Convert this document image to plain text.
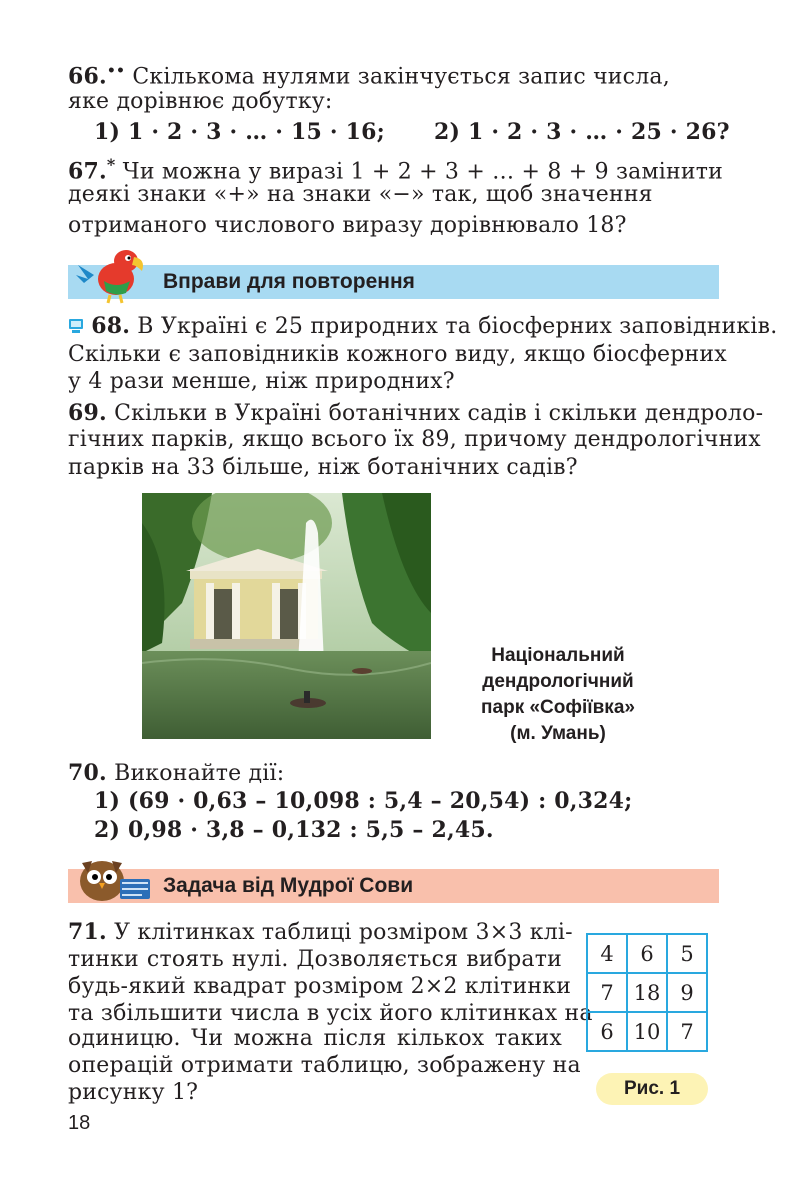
66.•• Скількома нулями закінчується запис числа,
яке дорівнює добутку:
1) 1 · 2 · 3 · … · 15 · 16; 2) 1 · 2 · 3 · … · 25 · 26?
67.* Чи можна у виразі 1 + 2 + 3 + … + 8 + 9 замінити
деякі знаки «+» на знаки «−» так, щоб значення
отриманого числового виразу дорівнювало 18?
Вправи для повторення
68. В Україні є 25 природних та біосферних заповідників.
Скільки є заповідників кожного виду, якщо біосферних
у 4 рази менше, ніж природних?
69. Скільки в Україні ботанічних садів і скільки дендроло-
гічних парків, якщо всього їх 89, причому дендрологічних
парків на 33 більше, ніж ботанічних садів?
Національний
дендрологічний
парк «Софіївка»
(м. Умань)
70. Виконайте дії:
1) (69 · 0,63 – 10,098 : 5,4 – 20,54) : 0,324;
2) 0,98 · 3,8 – 0,132 : 5,5 – 2,45.
Задача від Мудрої Сови
71. У клітинках таблиці розміром 3×3 клі-
тинки стоять нулі. Дозволяється вибрати
будь-який квадрат розміром 2×2 клітинки
та збільшити числа в усіх його клітинках на
одиницю. Чи можна після кількох таких
операцій отримати таблицю, зображену на
рисунку 1?
4	6	5
7	18	9
6	10	7
Рис. 1
18
